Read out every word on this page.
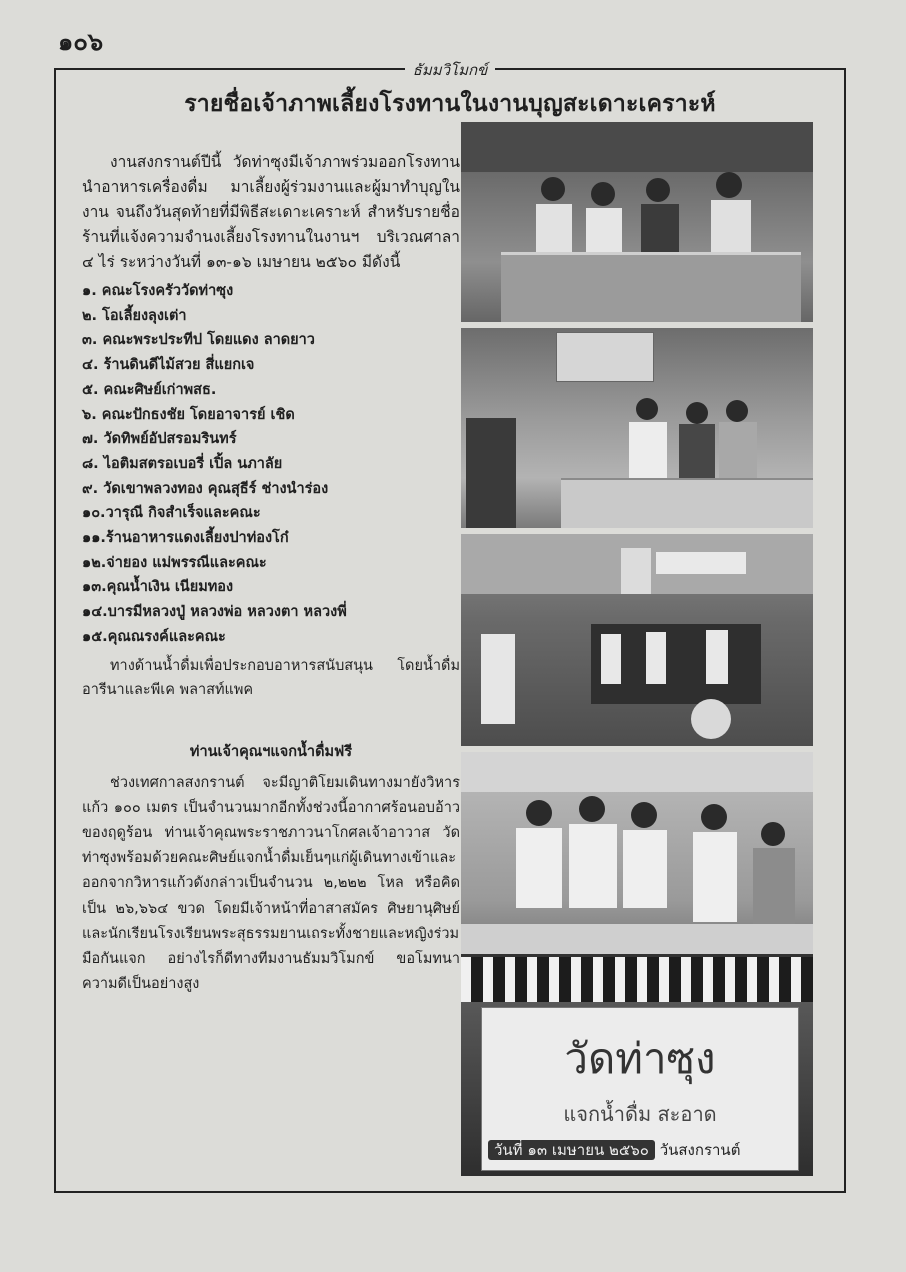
๑๐๖
ธัมมวิโมกข์
รายชื่อเจ้าภาพเลี้ยงโรงทานในงานบุญสะเดาะเคราะห์

งานสงกรานต์ปีนี้ วัดท่าซุงมีเจ้าภาพร่วมออกโรงทานนำอาหารเครื่องดื่ม มาเลี้ยงผู้ร่วมงานและผู้มาทำบุญในงาน จนถึงวันสุดท้ายที่มีพิธีสะเดาะเคราะห์ สำหรับรายชื่อร้านที่แจ้งความจำนงเลี้ยงโรงทานในงานฯ บริเวณศาลา ๔ ไร่ ระหว่างวันที่ ๑๓-๑๖ เมษายน ๒๕๖๐ มีดังนี้

๑. คณะโรงครัววัดท่าซุง
๒. โอเลี้ยงลุงเต่า
๓. คณะพระประทีป โดยแดง ลาดยาว
๔. ร้านดินดีไม้สวย สี่แยกเจ
๕. คณะศิษย์เก่าพสธ.
๖. คณะปักธงชัย โดยอาจารย์ เชิด
๗. วัดทิพย์อัปสรอมรินทร์
๘. ไอติมสตรอเบอรี่ เปิ้ล นภาลัย
๙. วัดเขาพลวงทอง คุณสุธีร์ ช่างนำร่อง
๑๐.วารุณี กิจสำเร็จและคณะ
๑๑.ร้านอาหารแดงเลี้ยงปาท่องโก๋
๑๒.จ่ายอง แม่พรรณีและคณะ
๑๓.คุณน้ำเงิน เนียมทอง
๑๔.บารมีหลวงปู่ หลวงพ่อ หลวงตา หลวงพี่
๑๕.คุณณรงค์และคณะ

ทางด้านน้ำดื่มเพื่อประกอบอาหารสนับสนุน โดยน้ำดื่มอารีนาและพีเค พลาสท์แพค

ท่านเจ้าคุณฯแจกน้ำดื่มฟรี

ช่วงเทศกาลสงกรานต์ จะมีญาติโยมเดินทางมายังวิหารแก้ว ๑๐๐ เมตร เป็นจำนวนมากอีกทั้งช่วงนี้อากาศร้อนอบอ้าวของฤดูร้อน ท่านเจ้าคุณพระราชภาวนาโกศลเจ้าอาวาส วัดท่าซุงพร้อมด้วยคณะศิษย์แจกน้ำดื่มเย็นๆแก่ผู้เดินทางเข้าและออกจากวิหารแก้วดังกล่าวเป็นจำนวน ๒,๒๒๒ โหล หรือคิดเป็น ๒๖,๖๖๔ ขวด โดยมีเจ้าหน้าที่อาสาสมัคร ศิษยานุศิษย์และนักเรียนโรงเรียนพระสุธรรมยานเถระทั้งชายและหญิงร่วมมือกันแจก อย่างไรก็ดีทางทีมงานธัมมวิโมกข์ ขอโมทนาความดีเป็นอย่างสูง

วัดท่าซุง
แจกน้ำดื่ม สะอาด
วันที่ ๑๓ เมษายน ๒๕๖๐ วันสงกรานต์
